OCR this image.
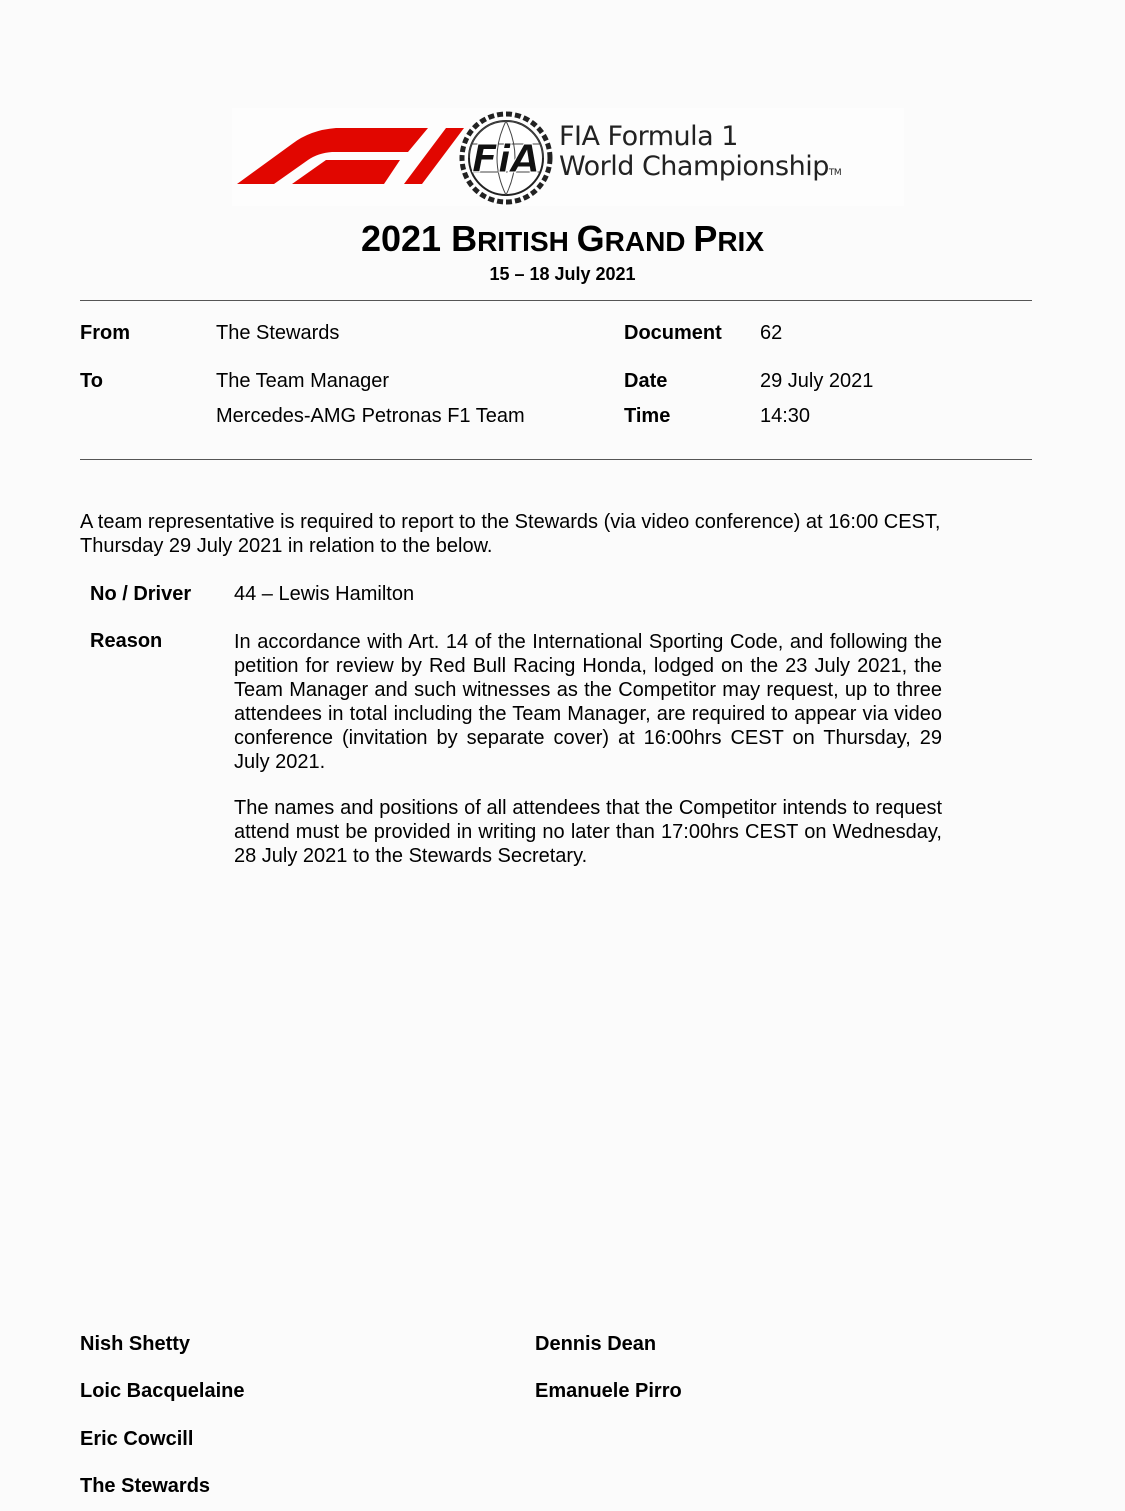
FiA
FIA Formula 1
World ChampionshipTM
2021 BRITISH GRAND PRIX
15 – 18 July 2021
From	The Stewards	Document 62
To	The Team Manager	Date	29 July 2021
Mercedes-AMG Petronas F1 Team	Time	14:30
A team representative is required to report to the Stewards (via video conference) at 16:00 CEST, Thursday 29 July 2021 in relation to the below.
No / Driver 44 – Lewis Hamilton
Reason	In accordance with Art. 14 of the International Sporting Code, and following the petition for review by Red Bull Racing Honda, lodged on the 23 July 2021, the Team Manager and such witnesses as the Competitor may request, up to three attendees in total including the Team Manager, are required to appear via video conference (invitation by separate cover) at 16:00hrs CEST on Thursday, 29 July 2021.
The names and positions of all attendees that the Competitor intends to request attend must be provided in writing no later than 17:00hrs CEST on Wednesday, 28 July 2021 to the Stewards Secretary.
Nish Shetty
Loic Bacquelaine
Eric Cowcill
The Stewards
Dennis Dean
Emanuele Pirro
